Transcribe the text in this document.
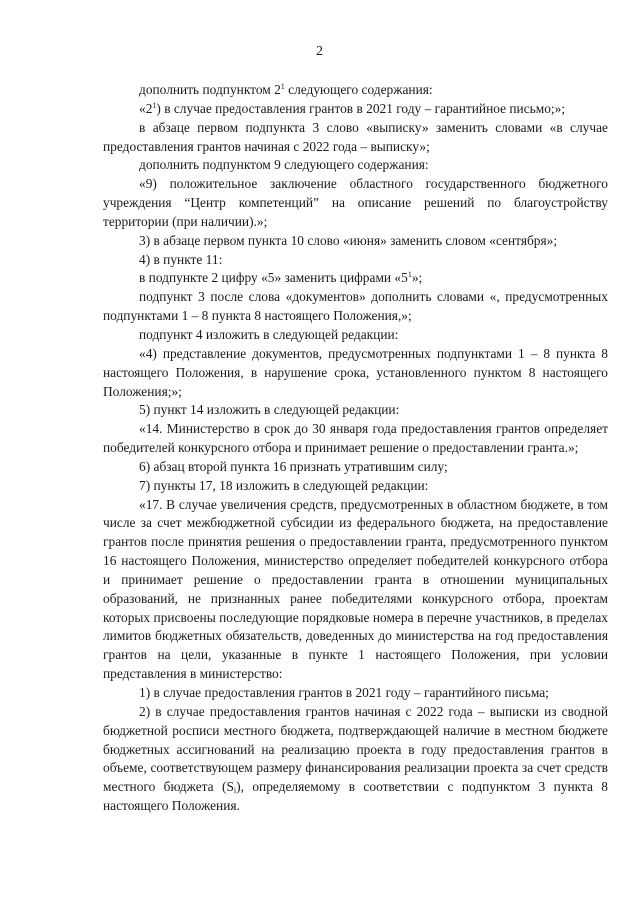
2

дополнить подпунктом $2^1$ следующего содержания:

«$2^1$) в случае предоставления грантов в 2021 году – гарантийное письмо;»;

в абзаце первом подпункта 3 слово «выписку» заменить словами «в случае предоставления грантов начиная с 2022 года – выписку»;

дополнить подпунктом 9 следующего содержания:

«9) положительное заключение областного государственного бюджетного учреждения “Центр компетенций” на описание решений по благоустройству территории (при наличии).»;

3) в абзаце первом пункта 10 слово «июня» заменить словом «сентября»;

4) в пункте 11:

в подпункте 2 цифру «5» заменить цифрами «$5^1$»;

подпункт 3 после слова «документов» дополнить словами «, предусмотренных подпунктами 1 – 8 пункта 8 настоящего Положения,»;

подпункт 4 изложить в следующей редакции:

«4) представление документов, предусмотренных подпунктами 1 – 8 пункта 8 настоящего Положения, в нарушение срока, установленного пунктом 8 настоящего Положения;»;

5) пункт 14 изложить в следующей редакции:

«14. Министерство в срок до 30 января года предоставления грантов определяет победителей конкурсного отбора и принимает решение о предоставлении гранта.»;

6) абзац второй пункта 16 признать утратившим силу;

7) пункты 17, 18 изложить в следующей редакции:

«17. В случае увеличения средств, предусмотренных в областном бюджете, в том числе за счет межбюджетной субсидии из федерального бюджета, на предоставление грантов после принятия решения о предоставлении гранта, предусмотренного пунктом 16 настоящего Положения, министерство определяет победителей конкурсного отбора и принимает решение о предоставлении гранта в отношении муниципальных образований, не признанных ранее победителями конкурсного отбора, проектам которых присвоены последующие порядковые номера в перечне участников, в пределах лимитов бюджетных обязательств, доведенных до министерства на год предоставления грантов на цели, указанные в пункте 1 настоящего Положения, при условии представления в министерство:

1) в случае предоставления грантов в 2021 году – гарантийного письма;

2) в случае предоставления грантов начиная с 2022 года – выписки из сводной бюджетной росписи местного бюджета, подтверждающей наличие в местном бюджете бюджетных ассигнований на реализацию проекта в году предоставления грантов в объеме, соответствующем размеру финансирования реализации проекта за счет средств местного бюджета $(S_i)$, определяемому в соответствии с подпунктом 3 пункта 8 настоящего Положения.
